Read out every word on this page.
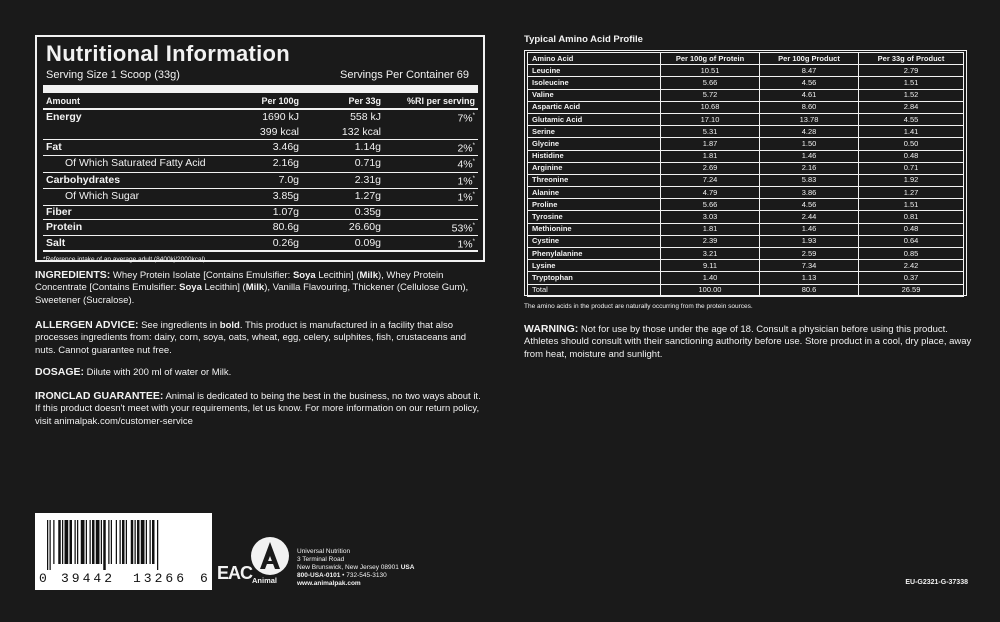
Nutritional Information
Serving Size 1 Scoop (33g)	Servings Per Container 69
Amount	Per 100g	Per 33g	%RI per serving
Energy	1690 kJ	558 kJ	7%*
	399 kcal	132 kcal	
Fat	3.46g	1.14g	2%*
Of Which Saturated Fatty Acid	2.16g	0.71g	4%*
Carbohydrates	7.0g	2.31g	1%*
Of Which Sugar	3.85g	1.27g	1%*
Fiber	1.07g	0.35g	
Protein	80.6g	26.60g	53%*
Salt	0.26g	0.09g	1%*
*Reference intake of an average adult (8400kj/2000kcal)
INGREDIENTS: Whey Protein Isolate [Contains Emulsifier: Soya Lecithin] (Milk), Whey Protein Concentrate [Contains Emulsifier: Soya Lecithin] (Milk), Vanilla Flavouring, Thickener (Cellulose Gum), Sweetener (Sucralose).
ALLERGEN ADVICE: See ingredients in bold. This product is manufactured in a facility that also processes ingredients from: dairy, corn, soya, oats, wheat, egg, celery, sulphites, fish, crustaceans and nuts. Cannot guarantee nut free.
DOSAGE: Dilute with 200 ml of water or Milk.
IRONCLAD GUARANTEE: Animal is dedicated to being the best in the business, no two ways about it. If this product doesn't meet with your requirements, let us know. For more information on our return policy, visit animalpak.com/customer-service
Typical Amino Acid Profile
Amino Acid	Per 100g of Protein	Per 100g Product	Per 33g of Product
Leucine	10.51	8.47	2.79
Isoleucine	5.66	4.56	1.51
Valine	5.72	4.61	1.52
Aspartic Acid	10.68	8.60	2.84
Glutamic Acid	17.10	13.78	4.55
Serine	5.31	4.28	1.41
Glycine	1.87	1.50	0.50
Histidine	1.81	1.46	0.48
Arginine	2.69	2.16	0.71
Threonine	7.24	5.83	1.92
Alanine	4.79	3.86	1.27
Proline	5.66	4.56	1.51
Tyrosine	3.03	2.44	0.81
Methionine	1.81	1.46	0.48
Cystine	2.39	1.93	0.64
Phenylalanine	3.21	2.59	0.85
Lysine	9.11	7.34	2.42
Tryptophan	1.40	1.13	0.37
Total	100.00	80.6	26.59
The amino acids in the product are naturally occurring from the protein sources.
WARNING: Not for use by those under the age of 18. Consult a physician before using this product. Athletes should consult with their sanctioning authority before use. Store product in a cool, dry place, away from heat, moisture and sunlight.
0 39442 13266 6 EAC Animal
Universal Nutrition
3 Terminal Road
New Brunswick, New Jersey 08901 USA
800-USA-0101 • 732-545-3130
www.animalpak.com	EU-G2321-G-37338
